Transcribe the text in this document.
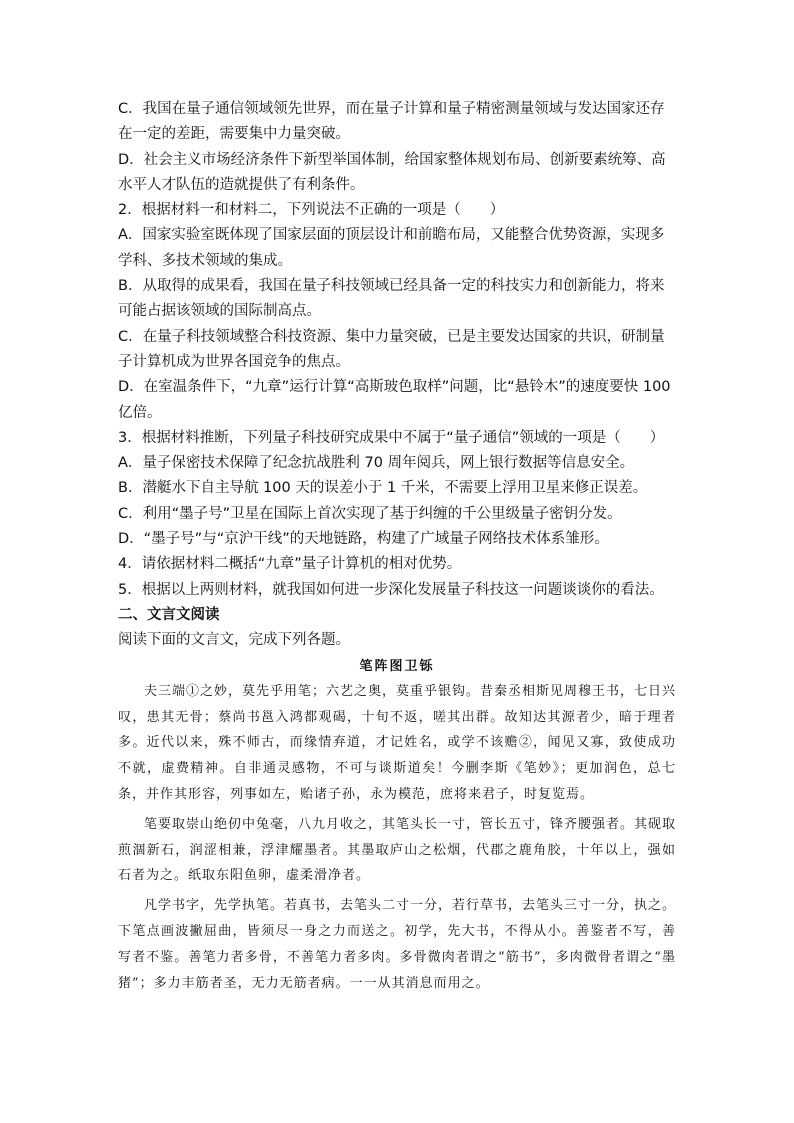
C．我国在量子通信领域领先世界，而在量子计算和量子精密测量领域与发达国家还存在一定的差距，需要集中力量突破。

D．社会主义市场经济条件下新型举国体制，给国家整体规划布局、创新要素统筹、高水平人才队伍的造就提供了有利条件。

2．根据材料一和材料二，下列说法不正确的一项是（　　）

A．国家实验室既体现了国家层面的顶层设计和前瞻布局，又能整合优势资源，实现多学科、多技术领域的集成。

B．从取得的成果看，我国在量子科技领域已经具备一定的科技实力和创新能力，将来可能占据该领域的国际制高点。

C．在量子科技领域整合科技资源、集中力量突破，已是主要发达国家的共识，研制量子计算机成为世界各国竞争的焦点。

D．在室温条件下，“九章”运行计算“高斯玻色取样”问题，比“悬铃木”的速度要快 100 亿倍。

3．根据材料推断，下列量子科技研究成果中不属于“量子通信”领域的一项是（　　）

A．量子保密技术保障了纪念抗战胜利 70 周年阅兵，网上银行数据等信息安全。

B．潜艇水下自主导航 100 天的误差小于 1 千米，不需要上浮用卫星来修正误差。

C．利用“墨子号”卫星在国际上首次实现了基于纠缠的千公里级量子密钥分发。

D．“墨子号”与“京沪干线”的天地链路，构建了广域量子网络技术体系雏形。

4．请依据材料二概括“九章”量子计算机的相对优势。

5．根据以上两则材料，就我国如何进一步深化发展量子科技这一问题谈谈你的看法。

二、文言文阅读

阅读下面的文言文，完成下列各题。

笔阵图卫铄

夫三端①之妙，莫先乎用笔；六艺之奥，莫重乎银钩。昔秦丞相斯见周穆王书，七日兴叹，患其无骨；蔡尚书邕入鸿都观碣，十旬不返，嗟其出群。故知达其源者少，暗于理者多。近代以来，殊不师古，而缘情弃道，才记姓名，或学不该赡②，闻见又寡，致使成功不就，虚费精神。自非通灵感物，不可与谈斯道矣！今删李斯《笔妙》；更加润色，总七条，并作其形容，列事如左，贻诸子孙，永为模范，庶将来君子，时复览焉。

笔要取崇山绝仞中兔毫，八九月收之，其笔头长一寸，管长五寸，锋齐腰强者。其砚取煎涸新石，润涩相兼，浮津耀墨者。其墨取庐山之松烟，代郡之鹿角胶，十年以上，强如石者为之。纸取东阳鱼卵，虚柔滑净者。

凡学书字，先学执笔。若真书，去笔头二寸一分，若行草书，去笔头三寸一分，执之。下笔点画波撇屈曲，皆须尽一身之力而送之。初学，先大书，不得从小。善鉴者不写，善写者不鉴。善笔力者多骨，不善笔力者多肉。多骨微肉者谓之“筋书”，多肉微骨者谓之“墨猪”；多力丰筋者圣，无力无筋者病。一一从其消息而用之。
